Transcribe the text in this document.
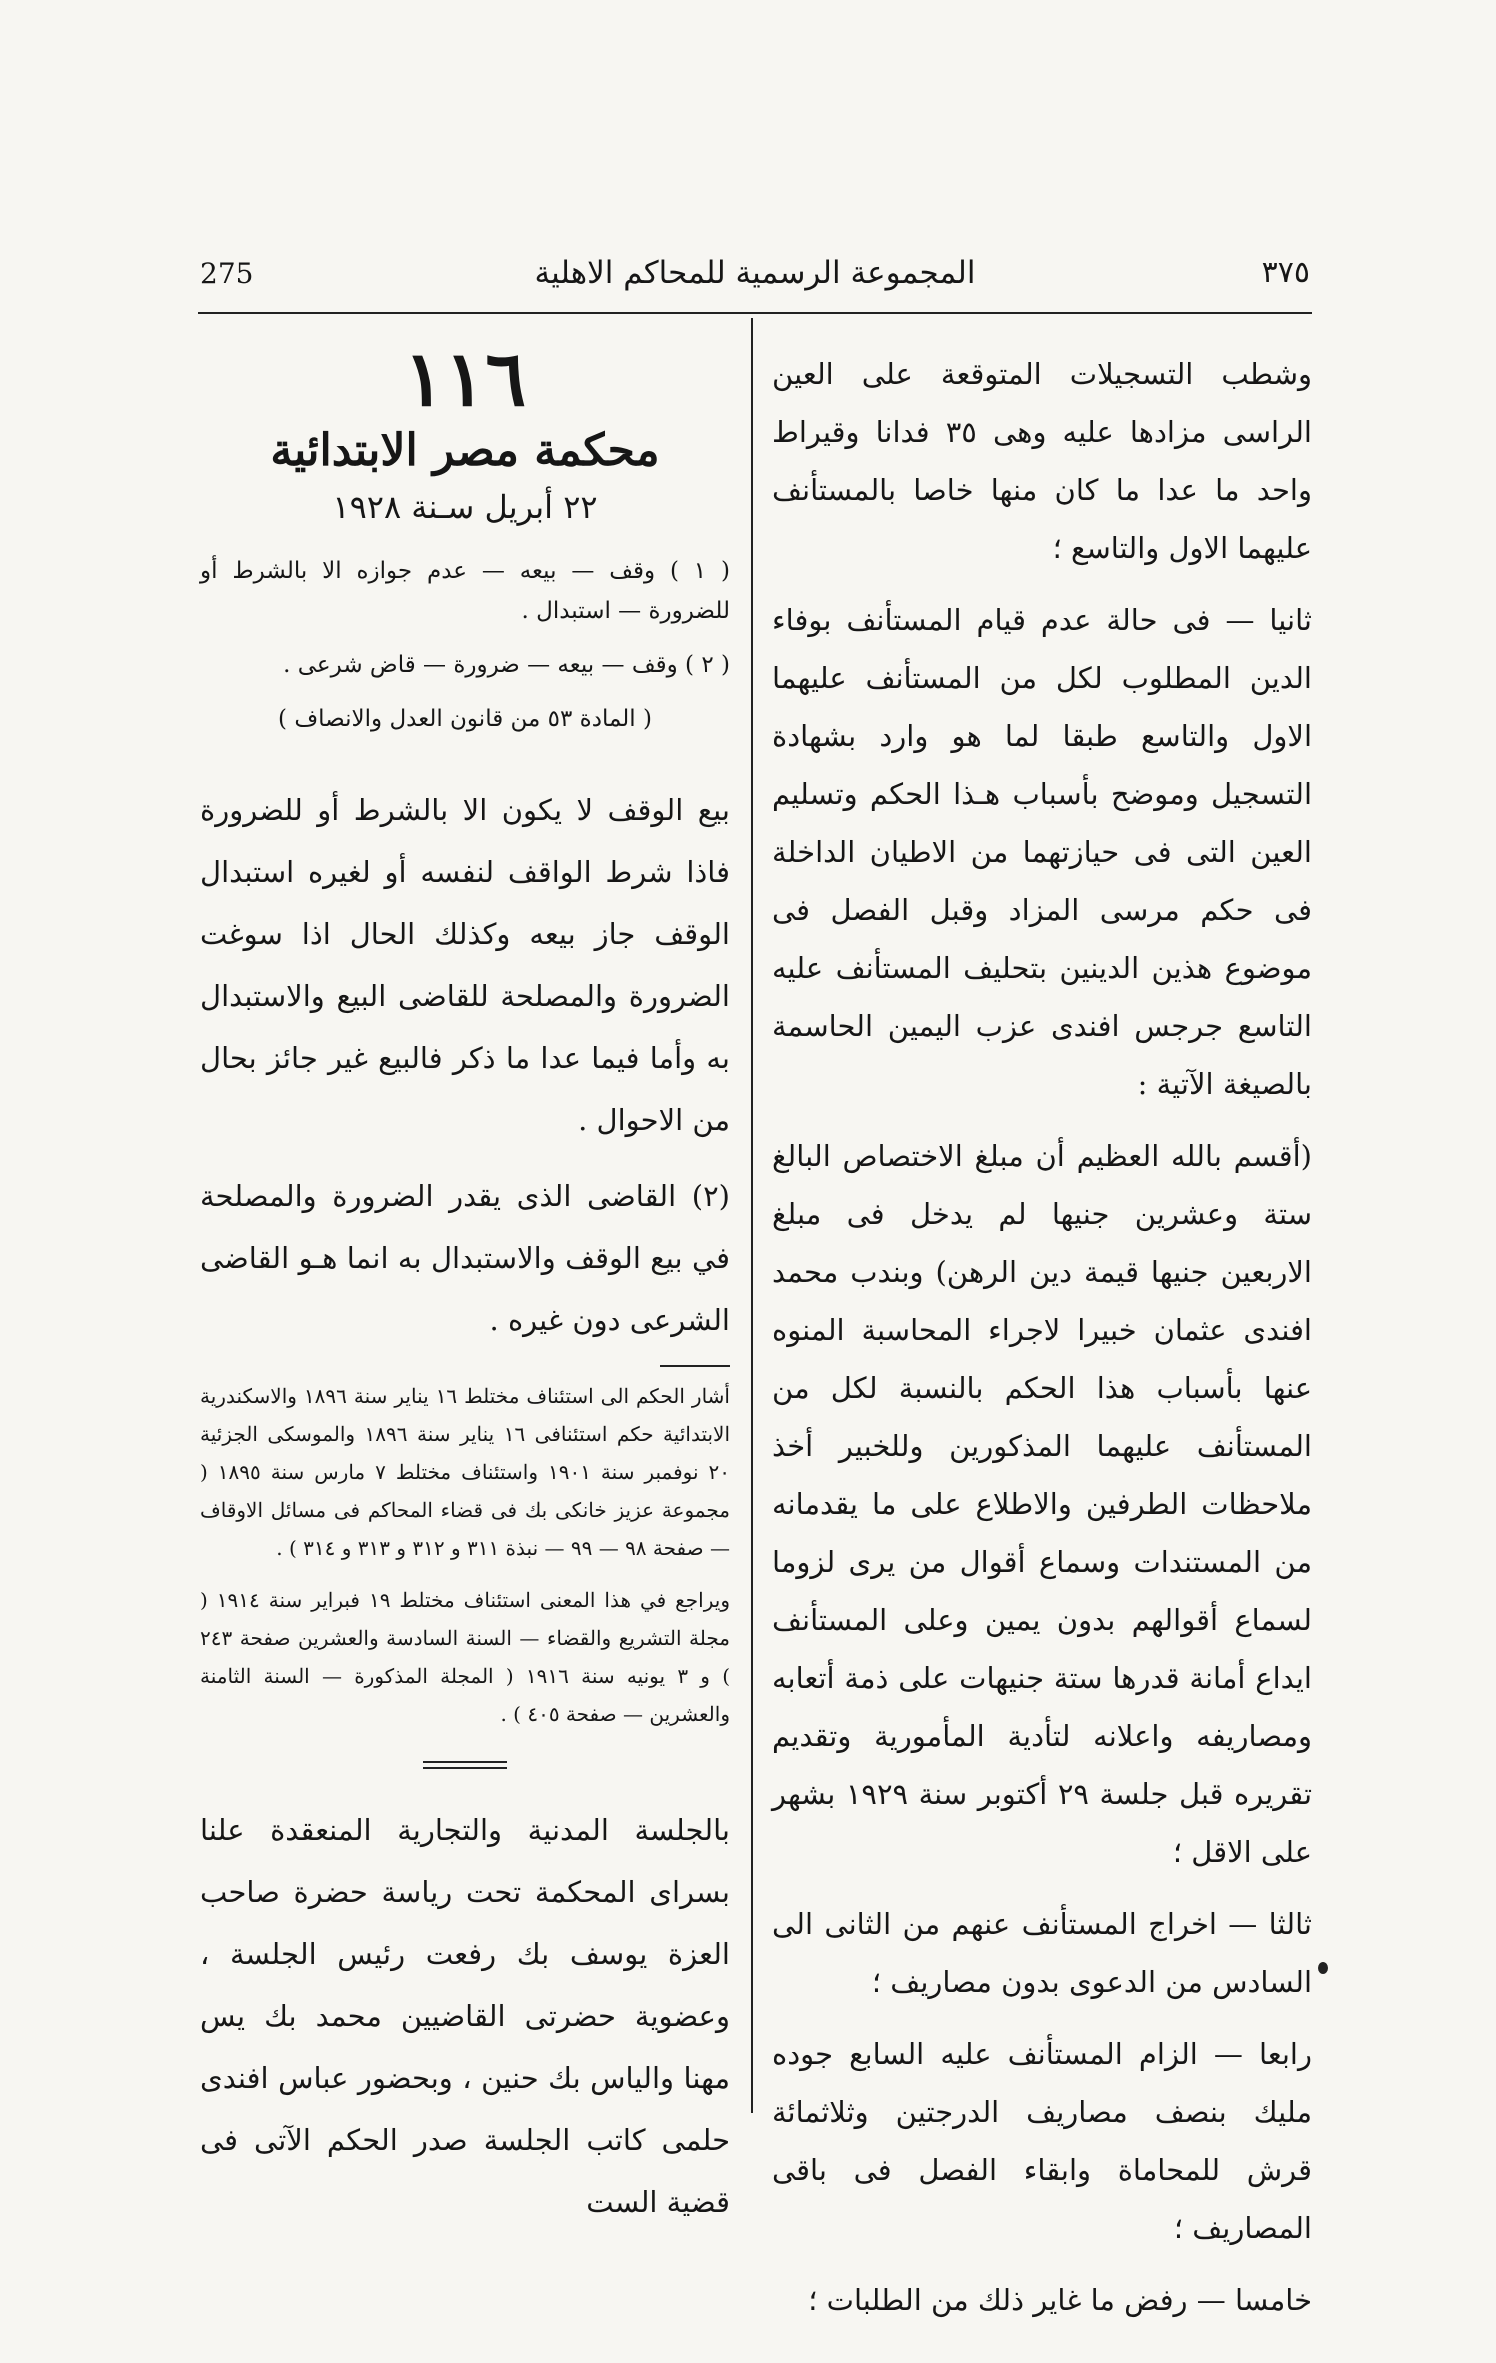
٣٧٥
المجموعة الرسمية للمحاكم الاهلية
275
١١٦
محكمة مصر الابتدائية
٢٢ أبريل سـنة ١٩٢٨

( ١ ) وقف — بيعه — عدم جوازه الا بالشرط أو للضرورة — استبدال .

( ٢ ) وقف — بيعه — ضرورة — قاض شرعى .

( المادة ٥٣ من قانون العدل والانصاف )

بيع الوقف لا يكون الا بالشرط أو للضرورة فاذا شرط الواقف لنفسه أو لغيره استبدال الوقف جاز بيعه وكذلك الحال اذا سوغت الضرورة والمصلحة للقاضى البيع والاستبدال به وأما فيما عدا ما ذكر فالبيع غير جائز بحال من الاحوال .

(٢) القاضى الذى يقدر الضرورة والمصلحة في بيع الوقف والاستبدال به انما هـو القاضى الشرعى دون غيره .

أشار الحكم الى استئناف مختلط ١٦ يناير سنة ١٨٩٦ والاسكندرية الابتدائية حكم استئنافى ١٦ يناير سنة ١٨٩٦ والموسكى الجزئية ٢٠ نوفمبر سنة ١٩٠١ واستئناف مختلط ٧ مارس سنة ١٨٩٥ ( مجموعة عزيز خانكى بك فى قضاء المحاكم فى مسائل الاوقاف — صفحة ٩٨ — ٩٩ — نبذة ٣١١ و ٣١٢ و ٣١٣ و ٣١٤ ) .

ويراجع في هذا المعنى استئناف مختلط ١٩ فبراير سنة ١٩١٤ ( مجلة التشريع والقضاء — السنة السادسة والعشرين صفحة ٢٤٣ ) و ٣ يونيه سنة ١٩١٦ ( المجلة المذكورة — السنة الثامنة والعشرين — صفحة ٤٠٥ ) .

بالجلسة المدنية والتجارية المنعقدة علنا بسراى المحكمة تحت رياسة حضرة صاحب العزة يوسف بك رفعت رئيس الجلسة ، وعضوية حضرتى القاضيين محمد بك يس مهنا والياس بك حنين ، وبحضور عباس افندى حلمى كاتب الجلسة صدر الحكم الآتى فى قضية الست

وشطب التسجيلات المتوقعة على العين الراسى مزادها عليه وهى ٣٥ فدانا وقيراط واحد ما عدا ما كان منها خاصا بالمستأنف عليهما الاول والتاسع ؛

ثانيا — فى حالة عدم قيام المستأنف بوفاء الدين المطلوب لكل من المستأنف عليهما الاول والتاسع طبقا لما هو وارد بشهادة التسجيل وموضح بأسباب هـذا الحكم وتسليم العين التى فى حيازتهما من الاطيان الداخلة فى حكم مرسى المزاد وقبل الفصل فى موضوع هذين الدينين بتحليف المستأنف عليه التاسع جرجس افندى عزب اليمين الحاسمة بالصيغة الآتية :

(أقسم بالله العظيم أن مبلغ الاختصاص البالغ ستة وعشرين جنيها لم يدخل فى مبلغ الاربعين جنيها قيمة دين الرهن) وبندب محمد افندى عثمان خبيرا لاجراء المحاسبة المنوه عنها بأسباب هذا الحكم بالنسبة لكل من المستأنف عليهما المذكورين وللخبير أخذ ملاحظات الطرفين والاطلاع على ما يقدمانه من المستندات وسماع أقوال من يرى لزوما لسماع أقوالهم بدون يمين وعلى المستأنف ايداع أمانة قدرها ستة جنيهات على ذمة أتعابه ومصاريفه واعلانه لتأدية المأمورية وتقديم تقريره قبل جلسة ٢٩ أكتوبر سنة ١٩٢٩ بشهر على الاقل ؛

ثالثا — اخراج المستأنف عنهم من الثانى الى السادس من الدعوى بدون مصاريف ؛

رابعا — الزام المستأنف عليه السابع جوده مليك بنصف مصاريف الدرجتين وثلاثمائة قرش للمحاماة وابقاء الفصل فى باقى المصاريف ؛

خامسا — رفض ما غاير ذلك من الطلبات ؛
